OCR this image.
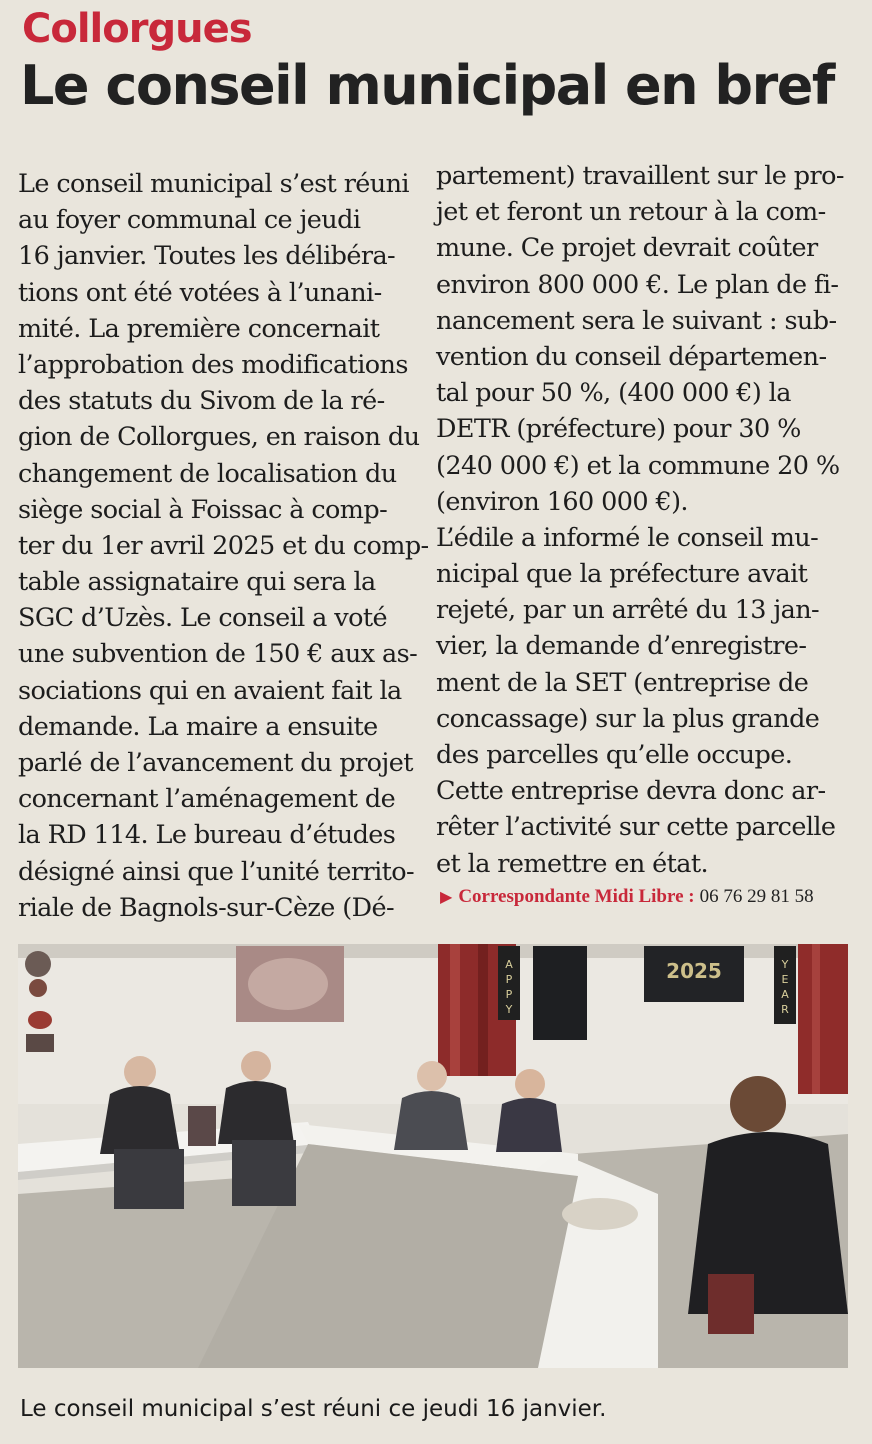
Collorgues
Le conseil municipal en bref
Le conseil municipal s’est réuni
au foyer communal ce jeudi
16 janvier. Toutes les délibéra-
tions ont été votées à l’unani-
mité. La première concernait
l’approbation des modifications
des statuts du Sivom de la ré-
gion de Collorgues, en raison du
changement de localisation du
siège social à Foissac à comp-
ter du 1er avril 2025 et du comp-
table assignataire qui sera la
SGC d’Uzès. Le conseil a voté
une subvention de 150 € aux as-
sociations qui en avaient fait la
demande. La maire a ensuite
parlé de l’avancement du projet
concernant l’aménagement de
la RD 114. Le bureau d’études
désigné ainsi que l’unité territo-
riale de Bagnols-sur-Cèze (Dé-
partement) travaillent sur le pro-
jet et feront un retour à la com-
mune. Ce projet devrait coûter
environ 800 000 €. Le plan de fi-
nancement sera le suivant : sub-
vention du conseil départemen-
tal pour 50 %, (400 000 €) la
DETR (préfecture) pour 30 %
(240 000 €) et la commune 20 %
(environ 160 000 €).
L’édile a informé le conseil mu-
nicipal que la préfecture avait
rejeté, par un arrêté du 13 jan-
vier, la demande d’enregistre-
ment de la SET (entreprise de
concassage) sur la plus grande
des parcelles qu’elle occupe.
Cette entreprise devra donc ar-
rêter l’activité sur cette parcelle
et la remettre en état.
▶ Correspondante Midi Libre : 06 76 29 81 58
A P P Y
Y E A R
2025
Le conseil municipal s’est réuni ce jeudi 16 janvier.
